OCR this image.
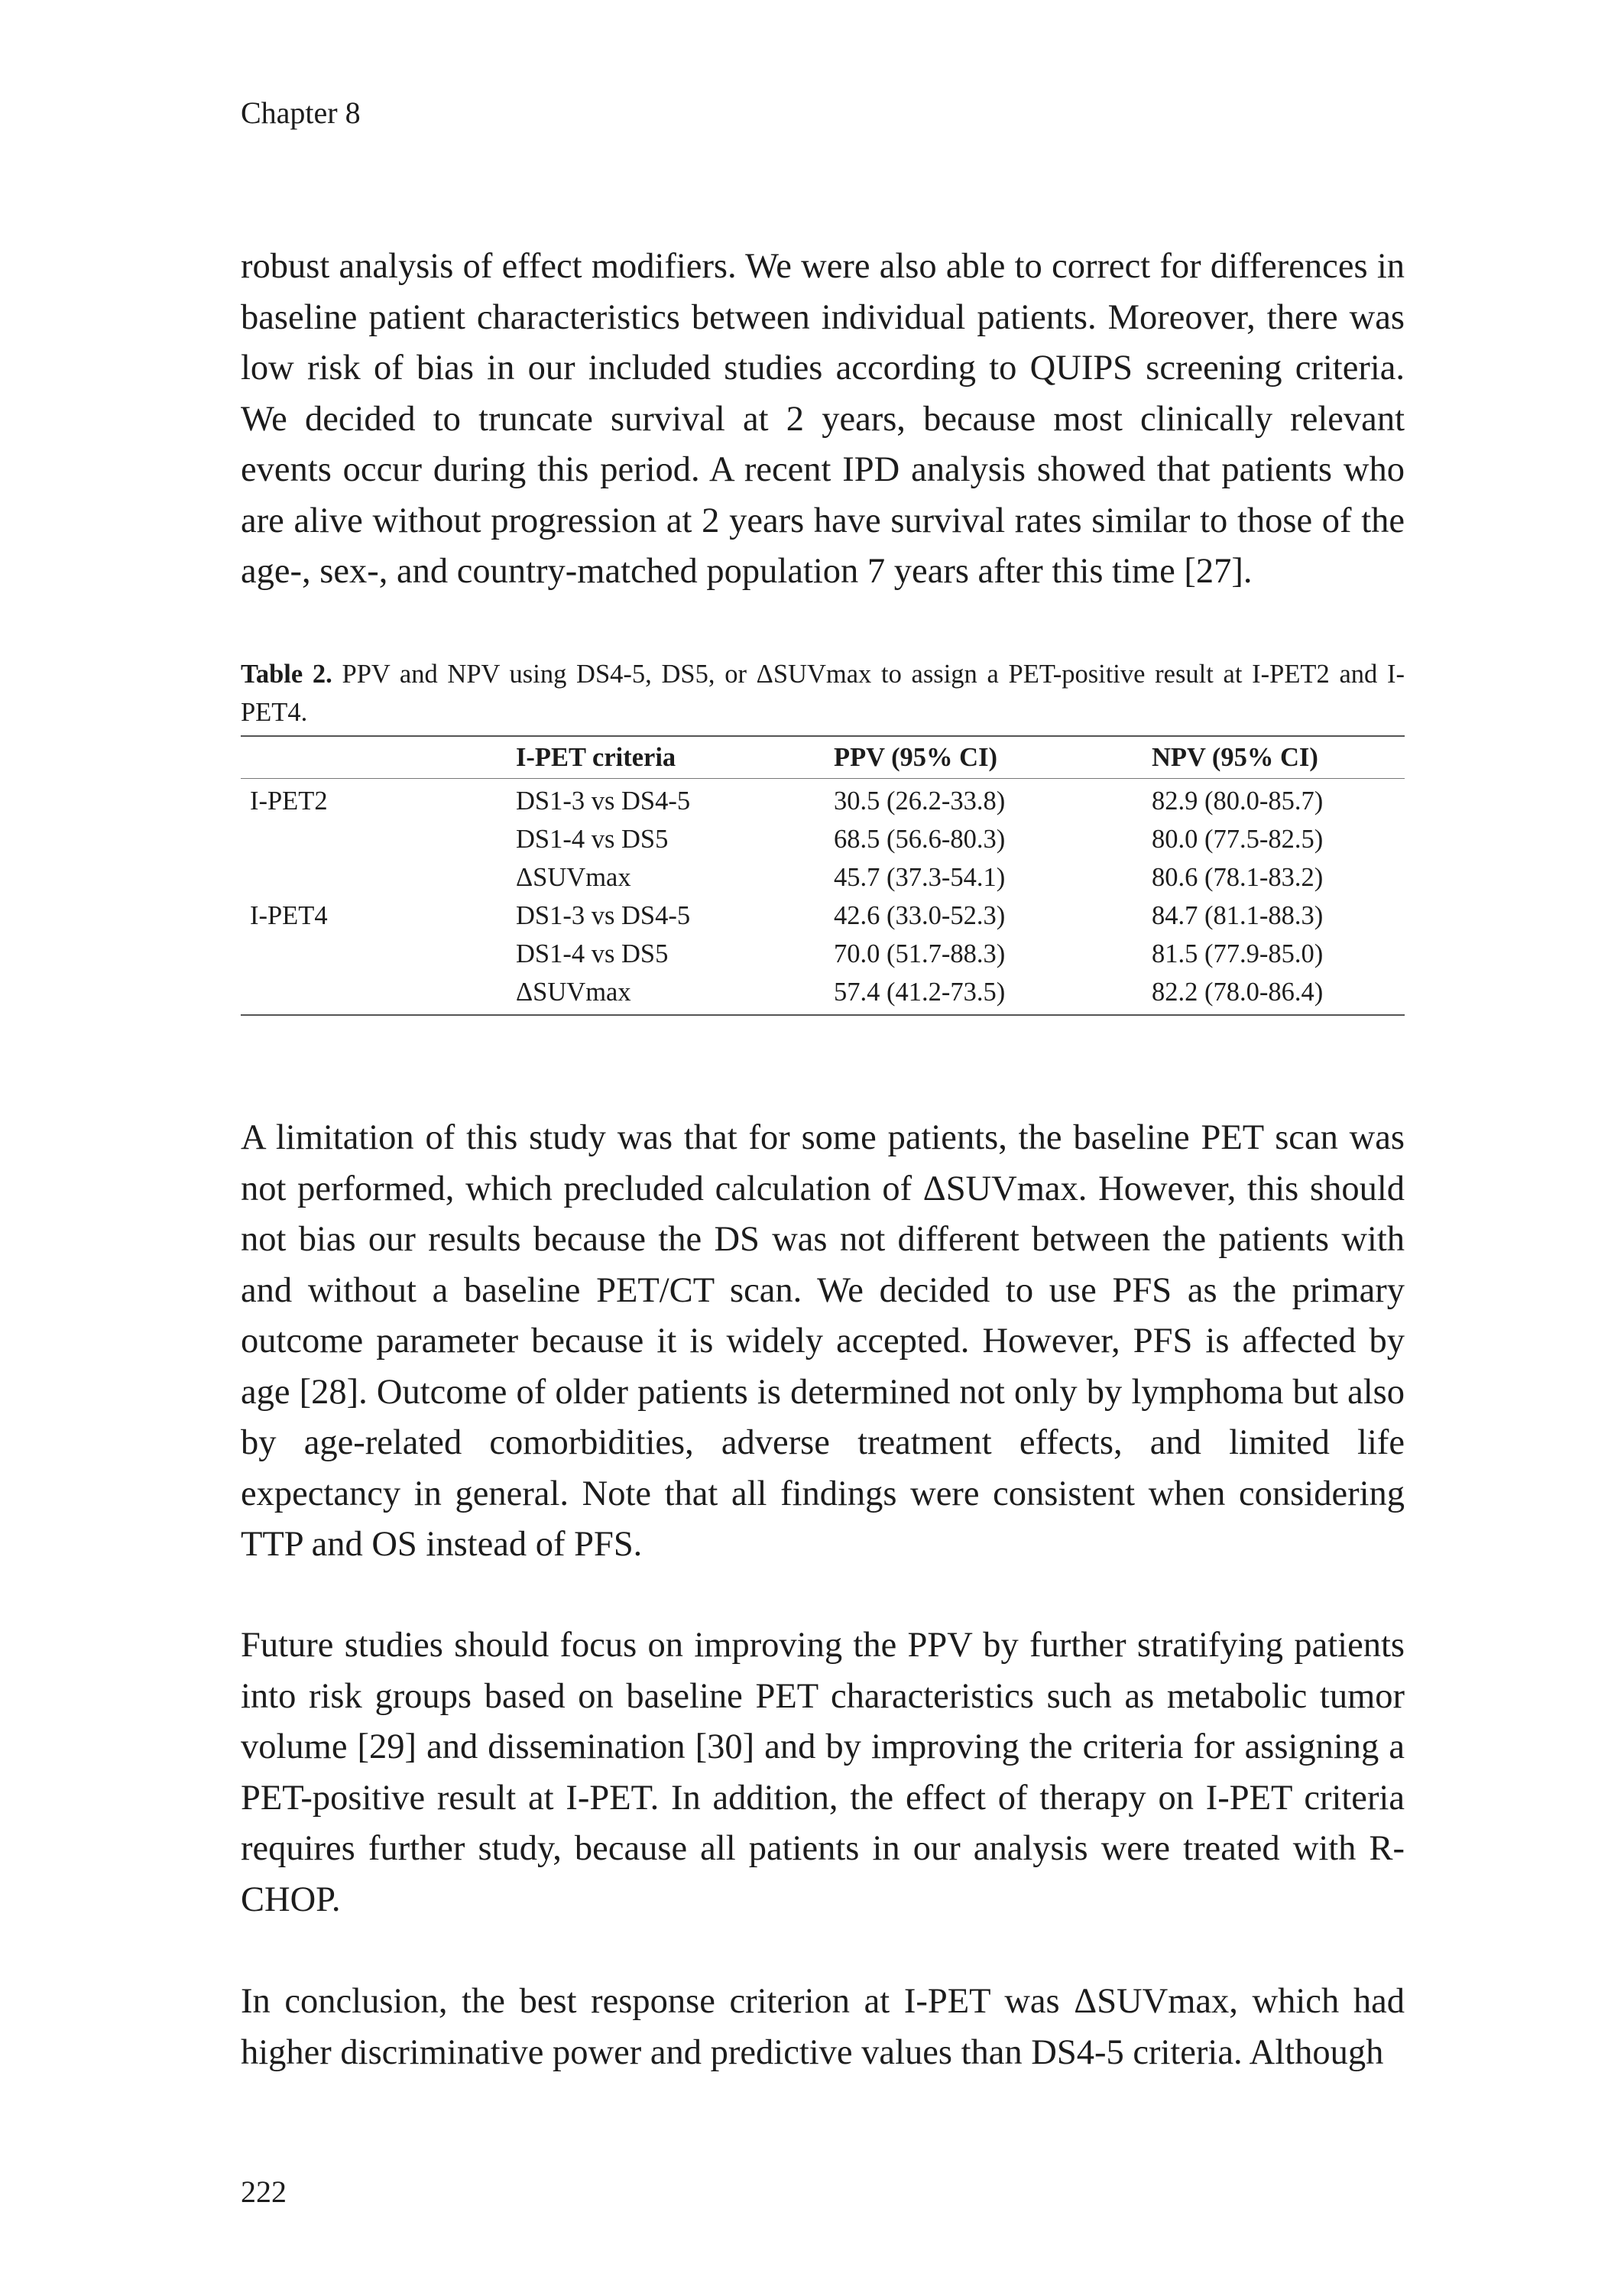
Chapter 8

robust analysis of effect modifiers. We were also able to correct for differences in baseline patient characteristics between individual patients. Moreover, there was low risk of bias in our included studies according to QUIPS screening criteria. We decided to truncate survival at 2 years, because most clinically relevant events occur during this period. A recent IPD analysis showed that patients who are alive without progression at 2 years have survival rates similar to those of the age-, sex-, and country-matched population 7 years after this time [27].

Table 2. PPV and NPV using DS4-5, DS5, or ΔSUVmax to assign a PET-positive result at I-PET2 and I-PET4.

	I-PET criteria	PPV (95% CI)	NPV (95% CI)
I-PET2	DS1-3 vs DS4-5	30.5 (26.2-33.8)	82.9 (80.0-85.7)
	DS1-4 vs DS5	68.5 (56.6-80.3)	80.0 (77.5-82.5)
	ΔSUVmax	45.7 (37.3-54.1)	80.6 (78.1-83.2)
I-PET4	DS1-3 vs DS4-5	42.6 (33.0-52.3)	84.7 (81.1-88.3)
	DS1-4 vs DS5	70.0 (51.7-88.3)	81.5 (77.9-85.0)
	ΔSUVmax	57.4 (41.2-73.5)	82.2 (78.0-86.4)

A limitation of this study was that for some patients, the baseline PET scan was not performed, which precluded calculation of ΔSUVmax. However, this should not bias our results because the DS was not different between the patients with and without a baseline PET/CT scan. We decided to use PFS as the primary outcome parameter because it is widely accepted. However, PFS is affected by age [28]. Outcome of older patients is determined not only by lymphoma but also by age-related comorbidities, adverse treatment effects, and limited life expectancy in general. Note that all findings were consistent when considering TTP and OS instead of PFS.

Future studies should focus on improving the PPV by further stratifying patients into risk groups based on baseline PET characteristics such as metabolic tumor volume [29] and dissemination [30] and by improving the criteria for assigning a PET-positive result at I-PET. In addition, the effect of therapy on I-PET criteria requires further study, because all patients in our analysis were treated with R-CHOP.

In conclusion, the best response criterion at I-PET was ΔSUVmax, which had higher discriminative power and predictive values than DS4-5 criteria. Although

222
